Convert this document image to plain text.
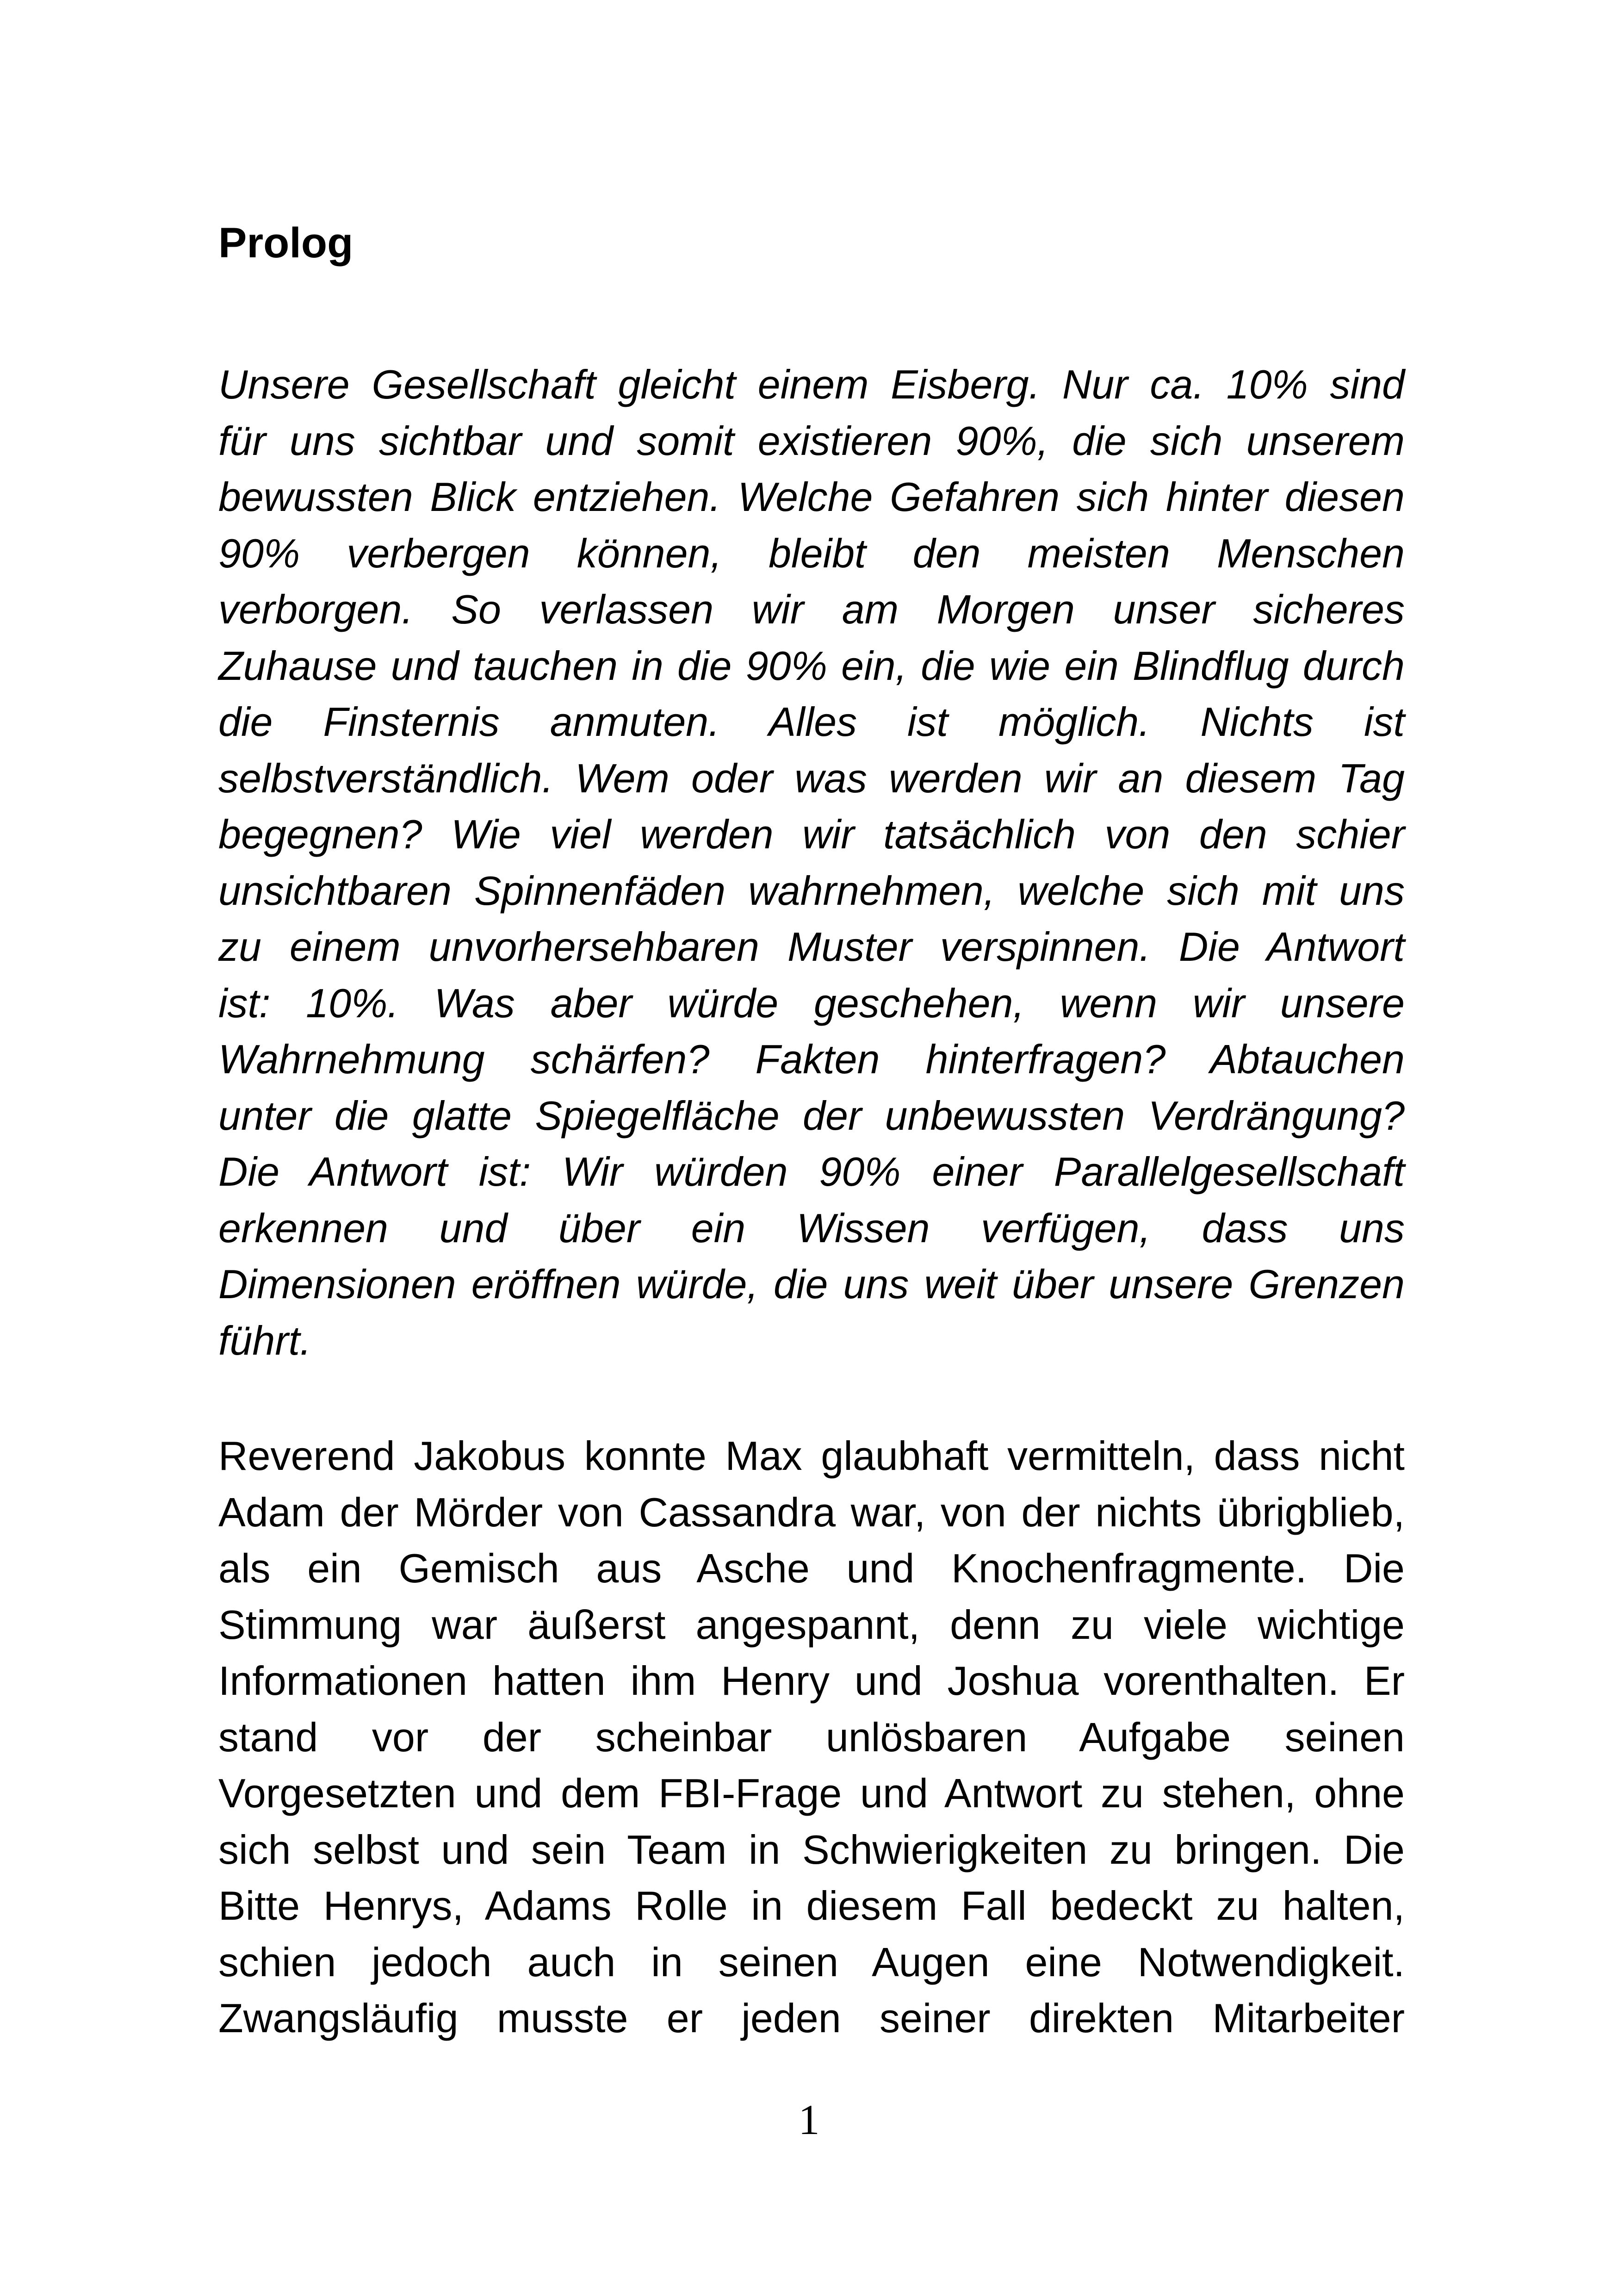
Prolog
Unsere Gesellschaft gleicht einem Eisberg. Nur ca. 10% sind
für uns sichtbar und somit existieren 90%, die sich unserem
bewussten Blick entziehen. Welche Gefahren sich hinter diesen
90% verbergen können, bleibt den meisten Menschen
verborgen. So verlassen wir am Morgen unser sicheres
Zuhause und tauchen in die 90% ein, die wie ein Blindflug durch
die Finsternis anmuten. Alles ist möglich. Nichts ist
selbstverständlich. Wem oder was werden wir an diesem Tag
begegnen? Wie viel werden wir tatsächlich von den schier
unsichtbaren Spinnenfäden wahrnehmen, welche sich mit uns
zu einem unvorhersehbaren Muster verspinnen. Die Antwort
ist: 10%. Was aber würde geschehen, wenn wir unsere
Wahrnehmung schärfen? Fakten hinterfragen? Abtauchen
unter die glatte Spiegelfläche der unbewussten Verdrängung?
Die Antwort ist: Wir würden 90% einer Parallelgesellschaft
erkennen und über ein Wissen verfügen, dass uns
Dimensionen eröffnen würde, die uns weit über unsere Grenzen
führt.
Reverend Jakobus konnte Max glaubhaft vermitteln, dass nicht
Adam der Mörder von Cassandra war, von der nichts übrigblieb,
als ein Gemisch aus Asche und Knochenfragmente. Die
Stimmung war äußerst angespannt, denn zu viele wichtige
Informationen hatten ihm Henry und Joshua vorenthalten. Er
stand vor der scheinbar unlösbaren Aufgabe seinen
Vorgesetzten und dem FBI-Frage und Antwort zu stehen, ohne
sich selbst und sein Team in Schwierigkeiten zu bringen. Die
Bitte Henrys, Adams Rolle in diesem Fall bedeckt zu halten,
schien jedoch auch in seinen Augen eine Notwendigkeit.
Zwangsläufig musste er jeden seiner direkten Mitarbeiter
1
